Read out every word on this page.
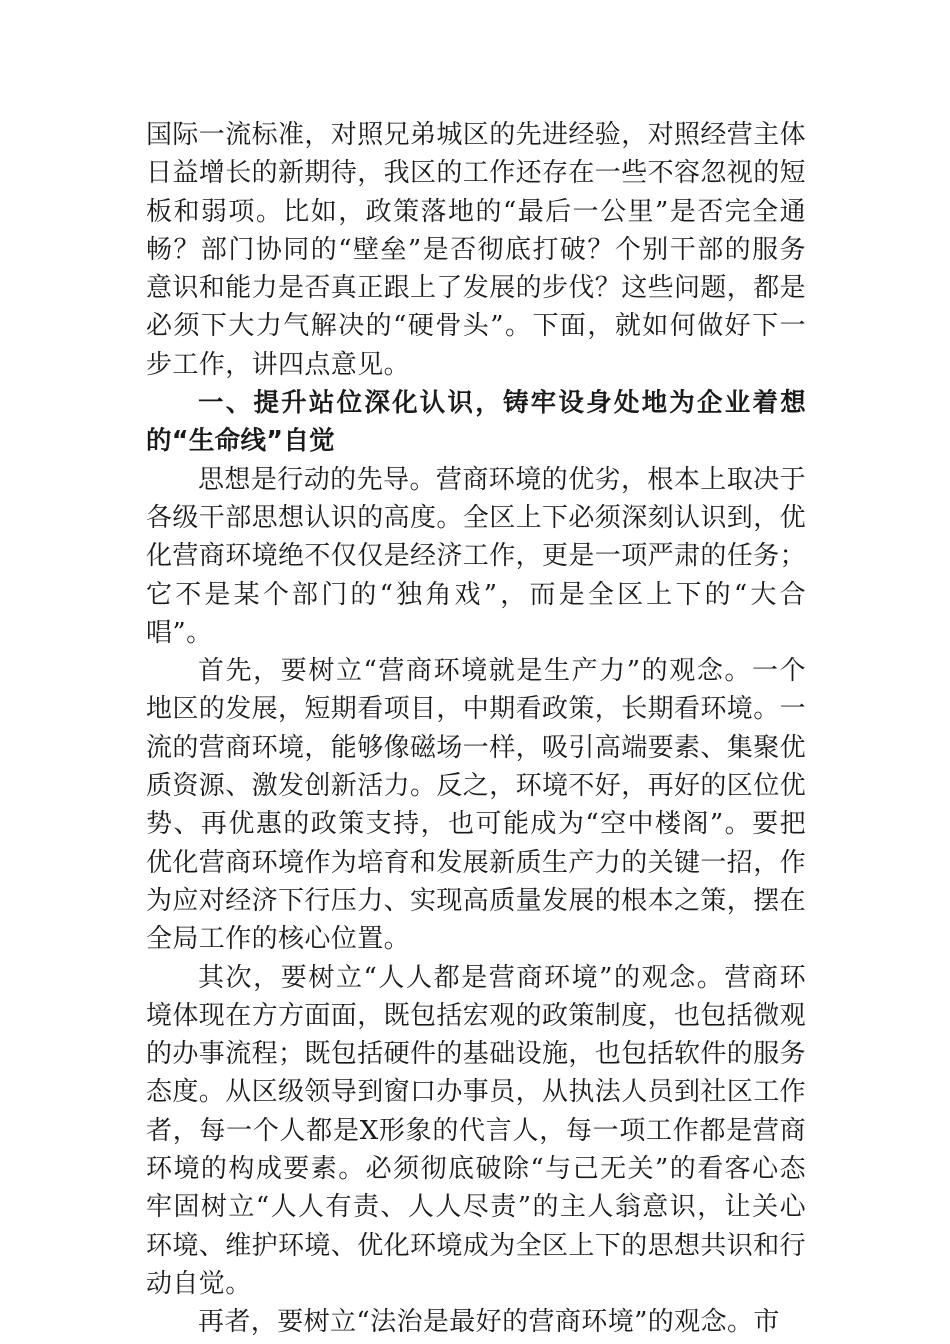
国际一流标准，对照兄弟城区的先进经验，对照经营主体日益增长的新期待，我区的工作还存在一些不容忽视的短板和弱项。比如，政策落地的“最后一公里”是否完全通畅？部门协同的“壁垒”是否彻底打破？个别干部的服务意识和能力是否真正跟上了发展的步伐？这些问题，都是必须下大力气解决的“硬骨头”。下面，就如何做好下一步工作，讲四点意见。

一、提升站位深化认识，铸牢设身处地为企业着想的“生命线”自觉

思想是行动的先导。营商环境的优劣，根本上取决于各级干部思想认识的高度。全区上下必须深刻认识到，优化营商环境绝不仅仅是经济工作，更是一项严肃的任务；它不是某个部门的“独角戏”，而是全区上下的“大合唱”。

首先，要树立“营商环境就是生产力”的观念。一个地区的发展，短期看项目，中期看政策，长期看环境。一流的营商环境，能够像磁场一样，吸引高端要素、集聚优质资源、激发创新活力。反之，环境不好，再好的区位优势、再优惠的政策支持，也可能成为“空中楼阁”。要把优化营商环境作为培育和发展新质生产力的关键一招，作为应对经济下行压力、实现高质量发展的根本之策，摆在全局工作的核心位置。

其次，要树立“人人都是营商环境”的观念。营商环境体现在方方面面，既包括宏观的政策制度，也包括微观的办事流程；既包括硬件的基础设施，也包括软件的服务态度。从区级领导到窗口办事员，从执法人员到社区工作者，每一个人都是X形象的代言人，每一项工作都是营商环境的构成要素。必须彻底破除“与己无关”的看客心态牢固树立“人人有责、人人尽责”的主人翁意识，让关心环境、维护环境、优化环境成为全区上下的思想共识和行动自觉。

再者，要树立“法治是最好的营商环境”的观念。市
